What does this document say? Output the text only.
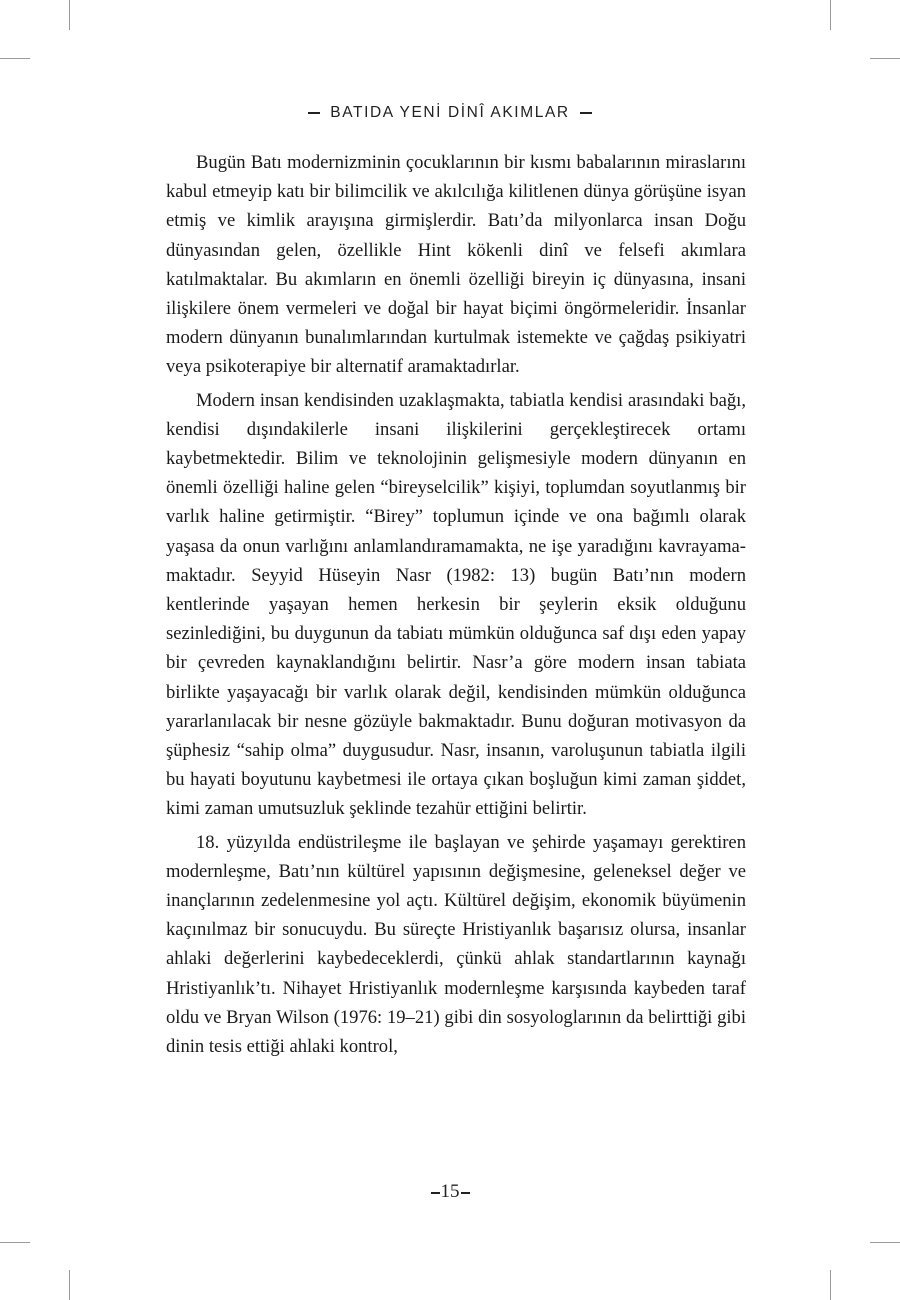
BATIDA YENİ DİNÎ AKIMLAR

Bugün Batı modernizminin çocuklarının bir kısmı babalarının miraslarını kabul etmeyip katı bir bilimcilik ve akılcılığa kilitlenen dünya görüşüne isyan etmiş ve kimlik arayışına girmişlerdir. Batı’da milyonlarca insan Doğu dünyasından gelen, özellikle Hint kökenli dinî ve felsefi akımlara katılmaktalar. Bu akımların en önemli özelliği bireyin iç dünyasına, insani ilişkilere önem vermeleri ve doğal bir hayat biçimi öngörmeleridir. İnsanlar modern dünyanın bunalımlarından kurtulmak istemekte ve çağdaş psikiyatri veya psikoterapiye bir alternatif aramaktadırlar.

Modern insan kendisinden uzaklaşmakta, tabiatla kendisi arasındaki bağı, kendisi dışındakilerle insani ilişkilerini gerçekleştirecek ortamı kaybetmektedir. Bilim ve teknolojinin gelişmesiyle modern dünyanın en önemli özelliği haline gelen “bireyselcilik” kişiyi, toplumdan soyutlanmış bir varlık haline getirmiştir. “Birey” toplumun içinde ve ona bağımlı olarak yaşasa da onun varlığını anlamlandıramamakta, ne işe yaradığını kavrayamamaktadır. Seyyid Hüseyin Nasr (1982: 13) bugün Batı’nın modern kentlerinde yaşayan hemen herkesin bir şeylerin eksik olduğunu sezinlediğini, bu duygunun da tabiatı mümkün olduğunca saf dışı eden yapay bir çevreden kaynaklandığını belirtir. Nasr’a göre modern insan tabiata birlikte yaşayacağı bir varlık olarak değil, kendisinden mümkün olduğunca yararlanılacak bir nesne gözüyle bakmaktadır. Bunu doğuran motivasyon da şüphesiz “sahip olma” duygusudur. Nasr, insanın, varoluşunun tabiatla ilgili bu hayati boyutunu kaybetmesi ile ortaya çıkan boşluğun kimi zaman şiddet, kimi zaman umutsuzluk şeklinde tezahür ettiğini belirtir.

18. yüzyılda endüstrileşme ile başlayan ve şehirde yaşamayı gerektiren modernleşme, Batı’nın kültürel yapısının değişmesine, geleneksel değer ve inançlarının zedelenmesine yol açtı. Kültürel değişim, ekonomik büyümenin kaçınılmaz bir sonucuydu. Bu süreçte Hristiyanlık başarısız olursa, insanlar ahlaki değerlerini kaybedeceklerdi, çünkü ahlak standartlarının kaynağı Hristiyanlık’tı. Nihayet Hristiyanlık modernleşme karşısında kaybeden taraf oldu ve Bryan Wilson (1976: 19–21) gibi din sosyologlarının da belirttiği gibi dinin tesis ettiği ahlaki kontrol,

15
